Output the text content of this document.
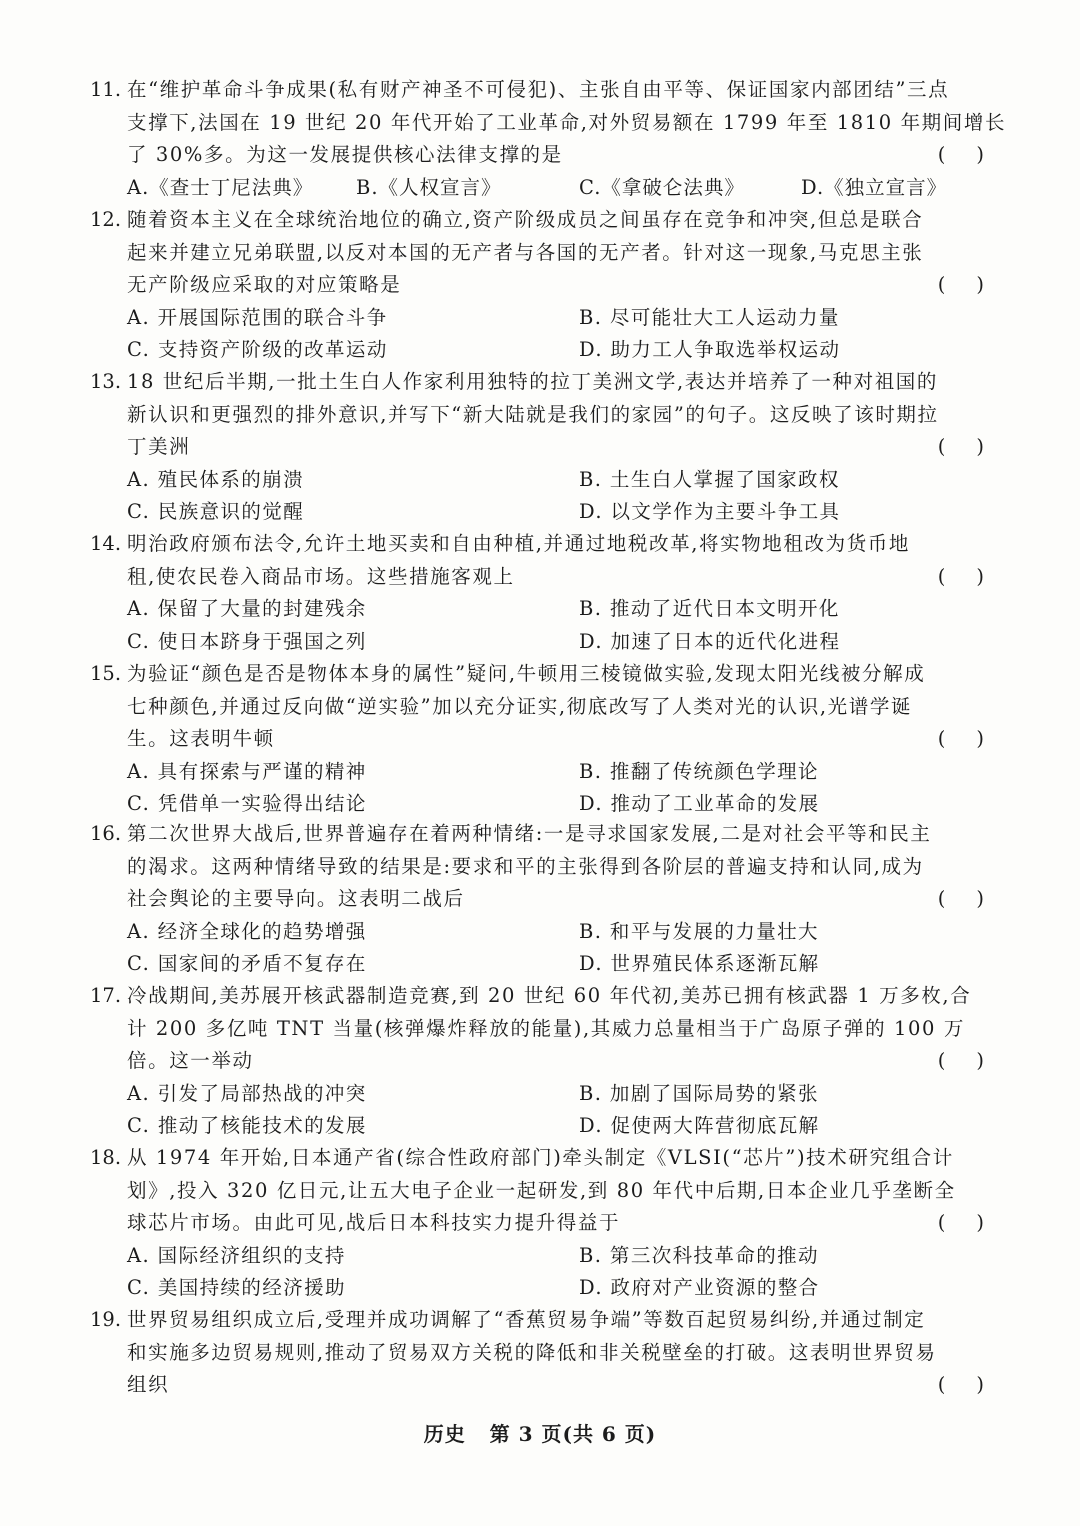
11. 在“维护革命斗争成果(私有财产神圣不可侵犯)、主张自由平等、保证国家内部团结”三点
支撑下,法国在 19 世纪 20 年代开始了工业革命,对外贸易额在 1799 年至 1810 年期间增长
了 30%多。为这一发展提供核心法律支撑的是	(     )
A.《查士丁尼法典》 B.《人权宣言》	C.《拿破仑法典》	D.《独立宣言》
12. 随着资本主义在全球统治地位的确立,资产阶级成员之间虽存在竞争和冲突,但总是联合
起来并建立兄弟联盟,以反对本国的无产者与各国的无产者。针对这一现象,马克思主张
无产阶级应采取的对应策略是	(     )
A. 开展国际范围的联合斗争	B. 尽可能壮大工人运动力量
C. 支持资产阶级的改革运动	D. 助力工人争取选举权运动
13. 18 世纪后半期,一批土生白人作家利用独特的拉丁美洲文学,表达并培养了一种对祖国的
新认识和更强烈的排外意识,并写下“新大陆就是我们的家园”的句子。这反映了该时期拉
丁美洲	(     )
A. 殖民体系的崩溃	B. 土生白人掌握了国家政权
C. 民族意识的觉醒	D. 以文学作为主要斗争工具
14. 明治政府颁布法令,允许土地买卖和自由种植,并通过地税改革,将实物地租改为货币地
租,使农民卷入商品市场。这些措施客观上	(     )
A. 保留了大量的封建残余	B. 推动了近代日本文明开化
C. 使日本跻身于强国之列	D. 加速了日本的近代化进程
15. 为验证“颜色是否是物体本身的属性”疑问,牛顿用三棱镜做实验,发现太阳光线被分解成
七种颜色,并通过反向做“逆实验”加以充分证实,彻底改写了人类对光的认识,光谱学诞
生。这表明牛顿	(     )
A. 具有探索与严谨的精神	B. 推翻了传统颜色学理论
C. 凭借单一实验得出结论	D. 推动了工业革命的发展
16. 第二次世界大战后,世界普遍存在着两种情绪:一是寻求国家发展,二是对社会平等和民主
的渴求。这两种情绪导致的结果是:要求和平的主张得到各阶层的普遍支持和认同,成为
社会舆论的主要导向。这表明二战后	(     )
A. 经济全球化的趋势增强	B. 和平与发展的力量壮大
C. 国家间的矛盾不复存在	D. 世界殖民体系逐渐瓦解
17. 冷战期间,美苏展开核武器制造竞赛,到 20 世纪 60 年代初,美苏已拥有核武器 1 万多枚,合
计 200 多亿吨 TNT 当量(核弹爆炸释放的能量),其威力总量相当于广岛原子弹的 100 万
倍。这一举动	(     )
A. 引发了局部热战的冲突	B. 加剧了国际局势的紧张
C. 推动了核能技术的发展	D. 促使两大阵营彻底瓦解
18. 从 1974 年开始,日本通产省(综合性政府部门)牵头制定《VLSI(“芯片”)技术研究组合计
划》,投入 320 亿日元,让五大电子企业一起研发,到 80 年代中后期,日本企业几乎垄断全
球芯片市场。由此可见,战后日本科技实力提升得益于	(     )
A. 国际经济组织的支持	B. 第三次科技革命的推动
C. 美国持续的经济援助	D. 政府对产业资源的整合
19. 世界贸易组织成立后,受理并成功调解了“香蕉贸易争端”等数百起贸易纠纷,并通过制定
和实施多边贸易规则,推动了贸易双方关税的降低和非关税壁垒的打破。这表明世界贸易
组织	(     )
历史   第 3 页(共 6 页)
